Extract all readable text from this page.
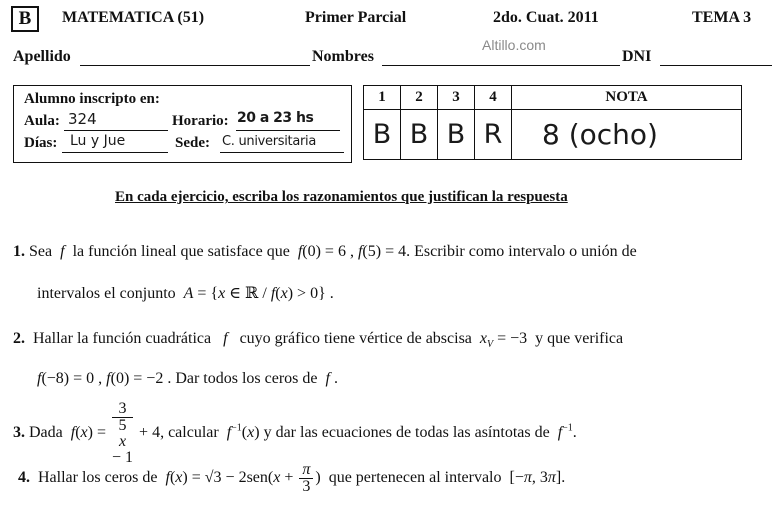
B	MATEMATICA (51)	Primer Parcial	2do. Cuat. 2011	TEMA 3
Apellido	Nombres
Altillo.com
DNI
Alumno inscripto en:
Aula: 324	Horario: 20 a 23 hs
Días: Lu y Jue	Sede: C. universitaria
1	2	3	4	NOTA
B	B	B	R	8 (ocho)
En cada ejercicio, escriba los razonamientos que justifican la respuesta
1. Sea f la función lineal que satisface que f(0) = 6 , f(5) = 4. Escribir como intervalo o unión de
intervalos el conjunto A = {x ∈ ℝ / f(x) > 0} .
2. Hallar la función cuadrática f cuyo gráfico tiene vértice de abscisa $x_V = -3$ y que verifica
f(−8) = 0 , f(0) = −2 . Dar todos los ceros de f .
3. Dada f(x) = 3
5
x
− 1 + 4, calcular $f^{-1}(x)$ y dar las ecuaciones de todas las asíntotas de $f^{-1}$.
4. Hallar los ceros de $f(x) = √3 - 2sen(x + \frac{\pi}{3}$ ) que pertenecen al intervalo [−π, 3π].
